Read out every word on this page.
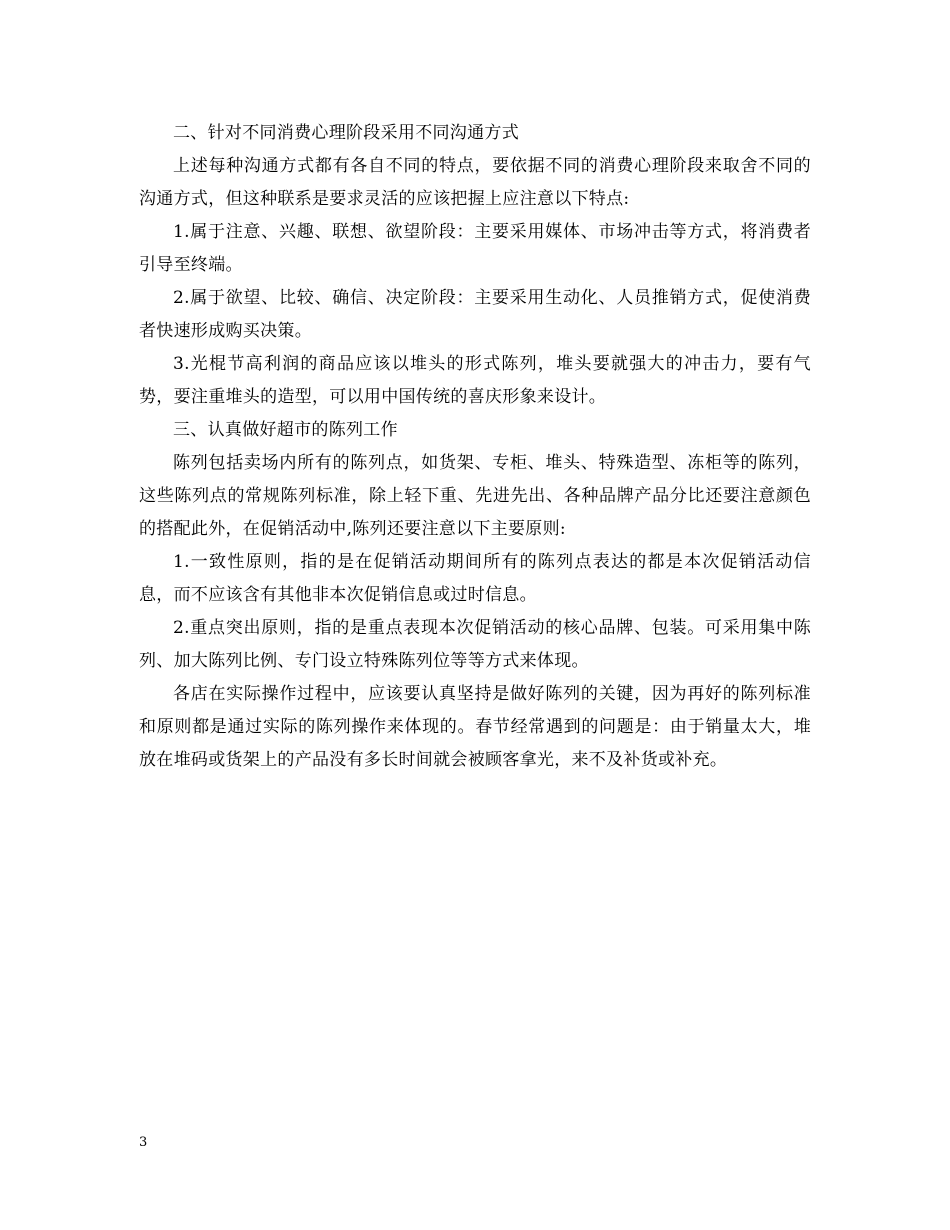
二、针对不同消费心理阶段采用不同沟通方式

上述每种沟通方式都有各自不同的特点，要依据不同的消费心理阶段来取舍不同的沟通方式，但这种联系是要求灵活的应该把握上应注意以下特点:

1.属于注意、兴趣、联想、欲望阶段：主要采用媒体、市场冲击等方式，将消费者引导至终端。

2.属于欲望、比较、确信、决定阶段：主要采用生动化、人员推销方式，促使消费者快速形成购买决策。

3.光棍节高利润的商品应该以堆头的形式陈列，堆头要就强大的冲击力，要有气势，要注重堆头的造型，可以用中国传统的喜庆形象来设计。

三、认真做好超市的陈列工作

陈列包括卖场内所有的陈列点，如货架、专柜、堆头、特殊造型、冻柜等的陈列，这些陈列点的常规陈列标准，除上轻下重、先进先出、各种品牌产品分比还要注意颜色的搭配此外，在促销活动中,陈列还要注意以下主要原则:

1.一致性原则，指的是在促销活动期间所有的陈列点表达的都是本次促销活动信息，而不应该含有其他非本次促销信息或过时信息。

2.重点突出原则，指的是重点表现本次促销活动的核心品牌、包装。可采用集中陈列、加大陈列比例、专门设立特殊陈列位等等方式来体现。

各店在实际操作过程中，应该要认真坚持是做好陈列的关键，因为再好的陈列标准和原则都是通过实际的陈列操作来体现的。春节经常遇到的问题是：由于销量太大，堆放在堆码或货架上的产品没有多长时间就会被顾客拿光，来不及补货或补充。

3
